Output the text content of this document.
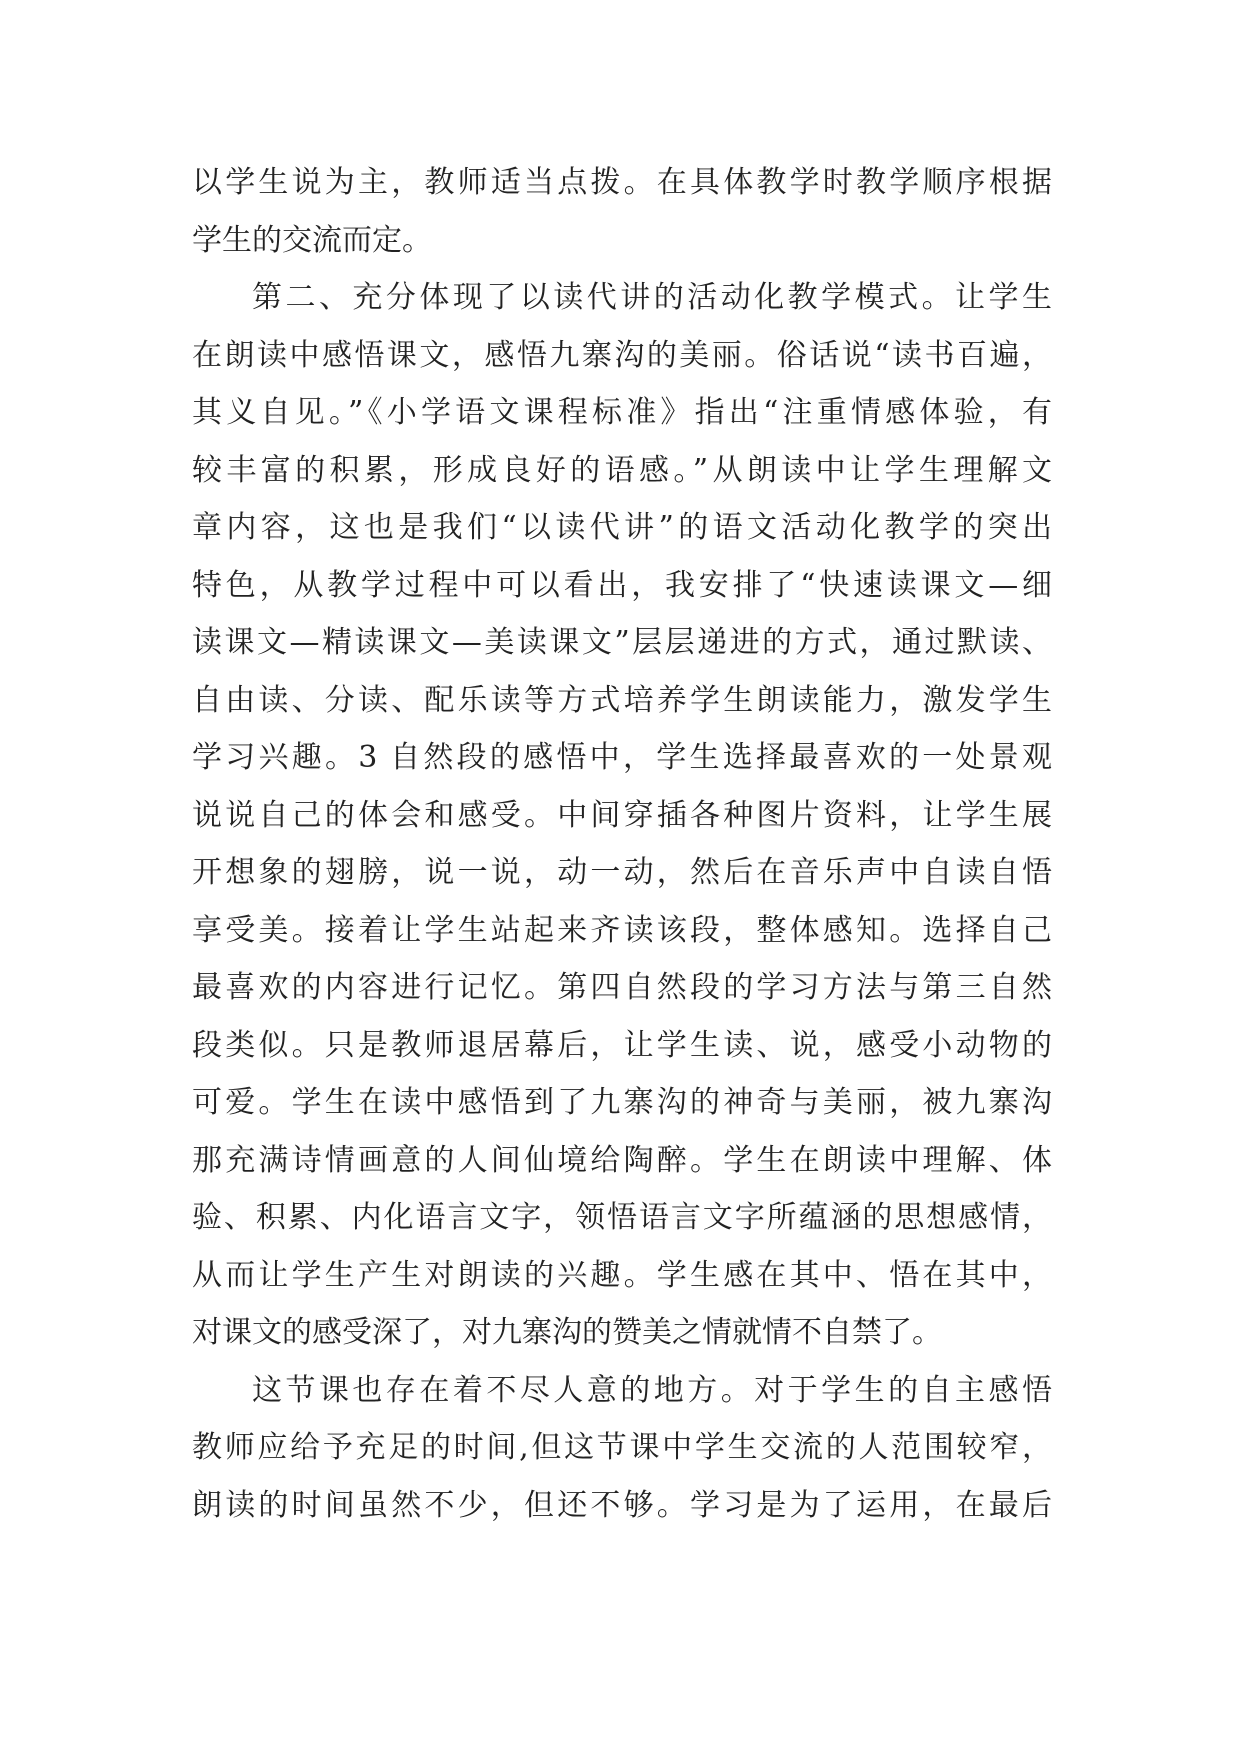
以学生说为主，教师适当点拨。在具体教学时教学顺序根据
学生的交流而定。
第二、充分体现了以读代讲的活动化教学模式。让学生
在朗读中感悟课文，感悟九寨沟的美丽。俗话说“读书百遍，
其义自见。”《小学语文课程标准》指出“注重情感体验，有
较丰富的积累，形成良好的语感。”从朗读中让学生理解文
章内容，这也是我们“以读代讲”的语文活动化教学的突出
特色，从教学过程中可以看出，我安排了“快速读课文—细
读课文—精读课文—美读课文”层层递进的方式，通过默读、
自由读、分读、配乐读等方式培养学生朗读能力，激发学生
学习兴趣。3 自然段的感悟中，学生选择最喜欢的一处景观
说说自己的体会和感受。中间穿插各种图片资料，让学生展
开想象的翅膀，说一说，动一动，然后在音乐声中自读自悟
享受美。接着让学生站起来齐读该段，整体感知。选择自己
最喜欢的内容进行记忆。第四自然段的学习方法与第三自然
段类似。只是教师退居幕后，让学生读、说，感受小动物的
可爱。学生在读中感悟到了九寨沟的神奇与美丽，被九寨沟
那充满诗情画意的人间仙境给陶醉。学生在朗读中理解、体
验、积累、内化语言文字，领悟语言文字所蕴涵的思想感情，
从而让学生产生对朗读的兴趣。学生感在其中、悟在其中，
对课文的感受深了，对九寨沟的赞美之情就情不自禁了。
这节课也存在着不尽人意的地方。对于学生的自主感悟
教师应给予充足的时间,但这节课中学生交流的人范围较窄，
朗读的时间虽然不少，但还不够。学习是为了运用，在最后
